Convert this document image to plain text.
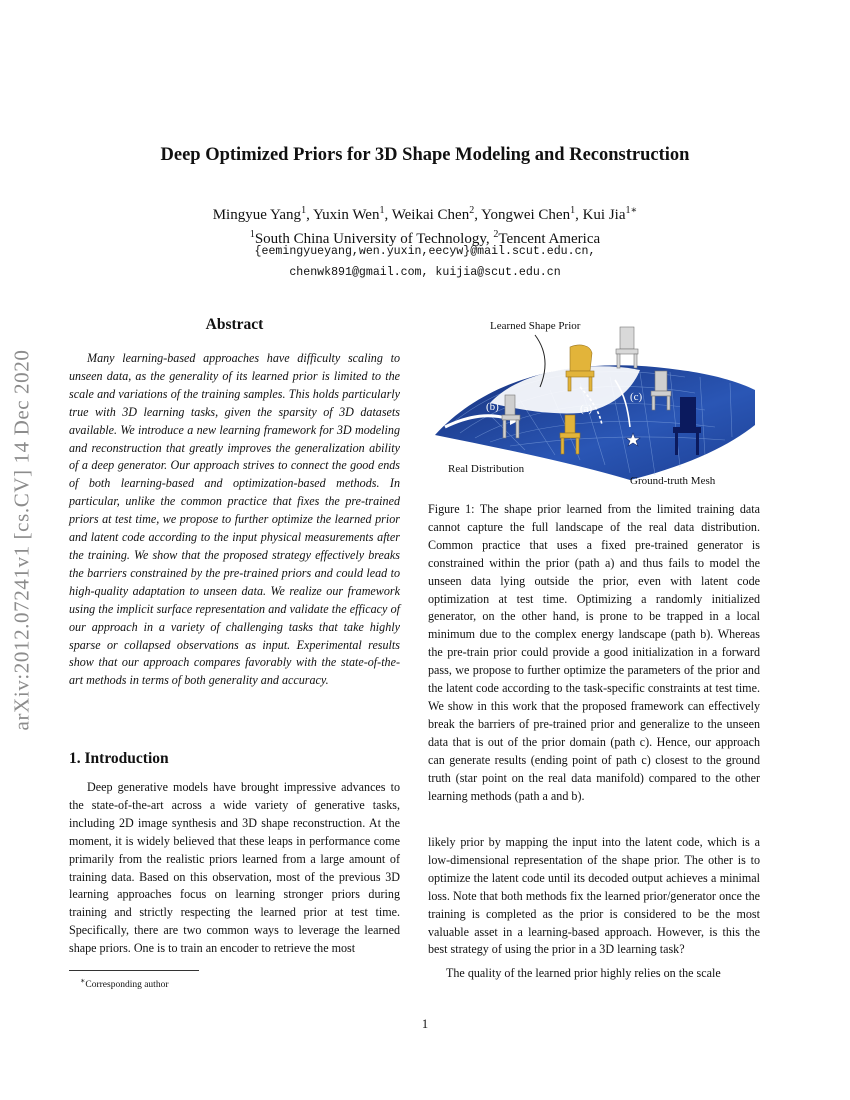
arXiv:2012.07241v1 [cs.CV] 14 Dec 2020
Deep Optimized Priors for 3D Shape Modeling and Reconstruction
Mingyue Yang$^1$, Yuxin Wen$^1$, Weikai Chen$^2$, Yongwei Chen$^1$, Kui Jia$^{1∗}$
$^1$South China University of Technology, $^2$Tencent America
{eemingyueyang,wen.yuxin,eecyw}@mail.scut.edu.cn,
chenwk891@gmail.com, kuijia@scut.edu.cn
Abstract
Many learning-based approaches have difficulty scaling to unseen data, as the generality of its learned prior is limited to the scale and variations of the training samples. This holds particularly true with 3D learning tasks, given the sparsity of 3D datasets available. We introduce a new learning framework for 3D modeling and reconstruction that greatly improves the generalization ability of a deep generator. Our approach strives to connect the good ends of both learning-based and optimization-based methods. In particular, unlike the common practice that fixes the pre-trained priors at test time, we propose to further optimize the learned prior and latent code according to the input physical measurements after the training. We show that the proposed strategy effectively breaks the barriers constrained by the pre-trained priors and could lead to high-quality adaptation to unseen data. We realize our framework using the implicit surface representation and validate the efficacy of our approach in a variety of challenging tasks that take highly sparse or collapsed observations as input. Experimental results show that our approach compares favorably with the state-of-the-art methods in terms of both generality and accuracy.
1. Introduction
Deep generative models have brought impressive advances to the state-of-the-art across a wide variety of generative tasks, including 2D image synthesis and 3D shape reconstruction. At the moment, it is widely believed that these leaps in performance come primarily from the realistic priors learned from a large amount of training data. Based on this observation, most of the previous 3D learning approaches focus on learning stronger priors during training and strictly respecting the learned prior at test time. Specifically, there are two common ways to leverage the learned shape priors. One is to train an encoder to retrieve the most
∗Corresponding author
Learned Shape Prior
Real Distribution
Ground-truth Mesh
(b)	(a)
(c)
Figure 1: The shape prior learned from the limited training data cannot capture the full landscape of the real data distribution. Common practice that uses a fixed pre-trained generator is constrained within the prior (path a) and thus fails to model the unseen data lying outside the prior, even with latent code optimization at test time. Optimizing a randomly initialized generator, on the other hand, is prone to be trapped in a local minimum due to the complex energy landscape (path b). Whereas the pre-train prior could provide a good initialization in a forward pass, we propose to further optimize the parameters of the prior and the latent code according to the task-specific constraints at test time. We show in this work that the proposed framework can effectively break the barriers of pre-trained prior and generalize to the unseen data that is out of the prior domain (path c). Hence, our approach can generate results (ending point of path c) closest to the ground truth (star point on the real data manifold) compared to the other learning methods (path a and b).

likely prior by mapping the input into the latent code, which is a low-dimensional representation of the shape prior. The other is to optimize the latent code until its decoded output achieves a minimal loss. Note that both methods fix the learned prior/generator once the training is completed as the prior is considered to be the most valuable asset in a learning-based approach. However, is this the best strategy of using the prior in a 3D learning task?

The quality of the learned prior highly relies on the scale

1
